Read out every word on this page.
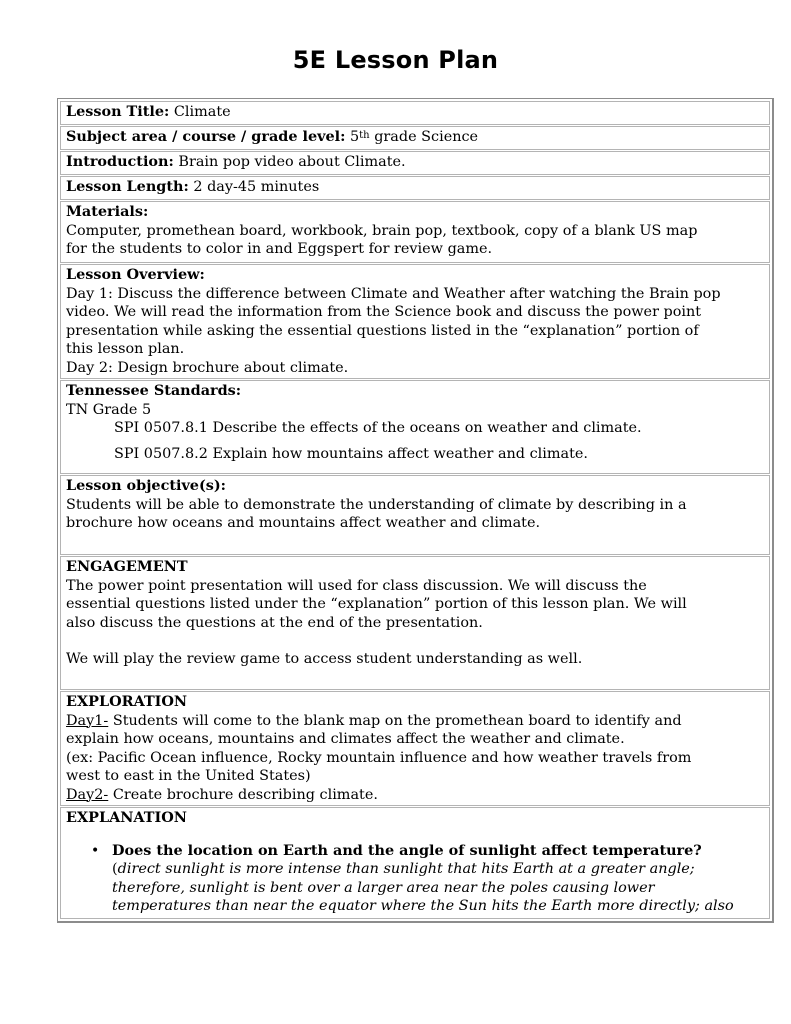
5E Lesson Plan
Lesson Title: Climate
Subject area / course / grade level: 5th grade Science
Introduction: Brain pop video about Climate.
Lesson Length: 2 day-45 minutes
Materials:
Computer, promethean board, workbook, brain pop, textbook, copy of a blank US map
for the students to color in and Eggspert for review game.
Lesson Overview:
Day 1: Discuss the difference between Climate and Weather after watching the Brain pop
video. We will read the information from the Science book and discuss the power point
presentation while asking the essential questions listed in the “explanation” portion of
this lesson plan.
Day 2: Design brochure about climate.
Tennessee Standards:
TN Grade 5
SPI 0507.8.1 Describe the effects of the oceans on weather and climate.
SPI 0507.8.2 Explain how mountains affect weather and climate.
Lesson objective(s):
Students will be able to demonstrate the understanding of climate by describing in a
brochure how oceans and mountains affect weather and climate.
ENGAGEMENT
The power point presentation will used for class discussion. We will discuss the
essential questions listed under the “explanation” portion of this lesson plan. We will
also discuss the questions at the end of the presentation.
We will play the review game to access student understanding as well.
EXPLORATION
Day1- Students will come to the blank map on the promethean board to identify and
explain how oceans, mountains and climates affect the weather and climate.
(ex: Pacific Ocean influence, Rocky mountain influence and how weather travels from
west to east in the United States)
Day2- Create brochure describing climate.
EXPLANATION
• Does the location on Earth and the angle of sunlight affect temperature?
(direct sunlight is more intense than sunlight that hits Earth at a greater angle;
therefore, sunlight is bent over a larger area near the poles causing lower
temperatures than near the equator where the Sun hits the Earth more directly; also
